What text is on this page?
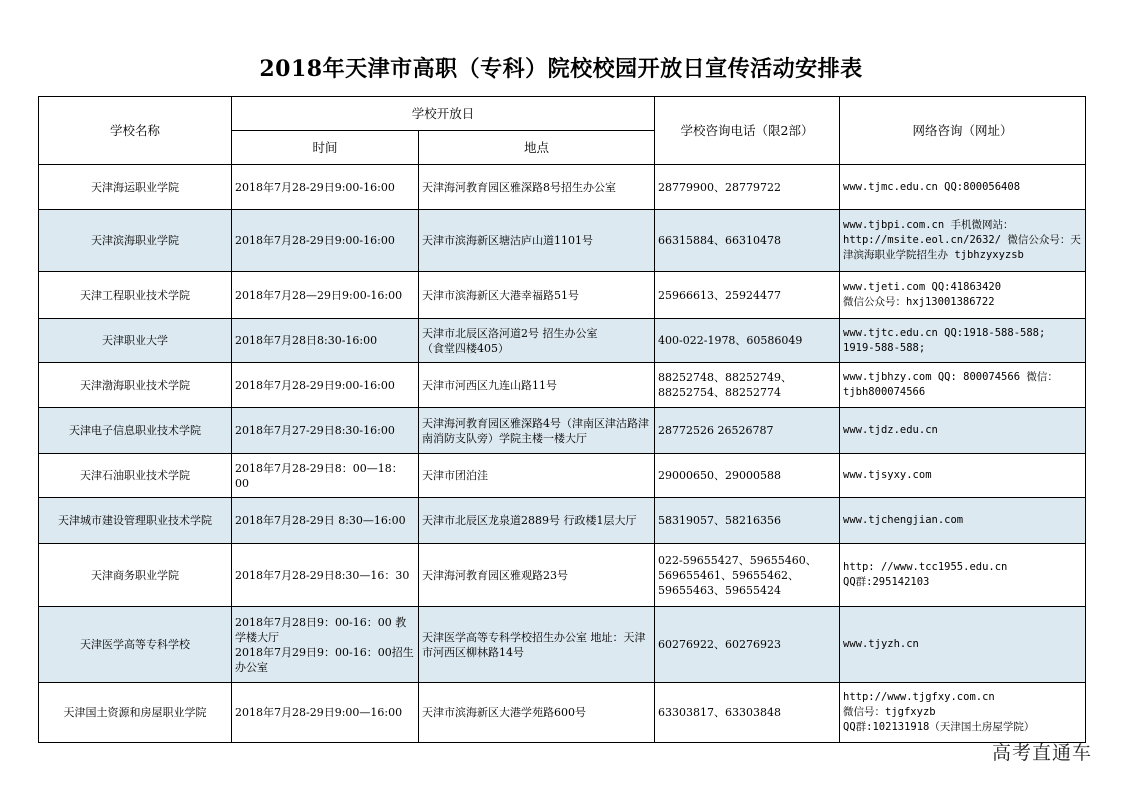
2018年天津市高职（专科）院校校园开放日宣传活动安排表
学校名称	学校开放日		学校咨询电话（限2部）	网络咨询（网址）
	时间	地点		
天津海运职业学院	2018年7月28-29日9:00-16:00	天津海河教育园区雅深路8号招生办公室	28779900、28779722	www.tjmc.edu.cn QQ:800056408
天津滨海职业学院	2018年7月28-29日9:00-16:00	天津市滨海新区塘沽庐山道1101号	66315884、66310478	www.tjbpi.com.cn 手机微网站：
http://msite.eol.cn/2632/ 微信公众号：天津滨海职业学院招生办 tjbhzyxyzsb
天津工程职业技术学院	2018年7月28—29日9:00-16:00	天津市滨海新区大港幸福路51号	25966613、25924477	www.tjeti.com QQ:41863420
微信公众号：hxj13001386722
天津职业大学	2018年7月28日8:30-16:00	天津市北辰区洛河道2号 招生办公室
（食堂四楼405）	400-022-1978、60586049	www.tjtc.edu.cn QQ:1918-588-588; 1919-588-588;
天津渤海职业技术学院	2018年7月28-29日9:00-16:00	天津市河西区九连山路11号	88252748、88252749、88252754、88252774	www.tjbhzy.com QQ: 800074566 微信：tjbh800074566
天津电子信息职业技术学院	2018年7月27-29日8:30-16:00	天津海河教育园区雅深路4号（津南区津沽路津南消防支队旁）学院主楼一楼大厅	28772526 26526787	www.tjdz.edu.cn
天津石油职业技术学院	2018年7月28-29日8：00—18：00	天津市团泊洼	29000650、29000588	www.tjsyxy.com
天津城市建设管理职业技术学院	2018年7月28-29日 8:30—16:00	天津市北辰区龙泉道2889号 行政楼1层大厅	58319057、58216356	www.tjchengjian.com
天津商务职业学院	2018年7月28-29日8:30—16：30	天津海河教育园区雅观路23号	022-59655427、59655460、569655461、59655462、59655463、59655424	http: //www.tcc1955.edu.cn
QQ群:295142103
天津医学高等专科学校	2018年7月28日9：00-16：00 教学楼大厅
2018年7月29日9：00-16：00招生办公室	天津医学高等专科学校招生办公室 地址：天津市河西区柳林路14号	60276922、60276923	www.tjyzh.cn
天津国土资源和房屋职业学院	2018年7月28-29日9:00—16:00	天津市滨海新区大港学苑路600号	63303817、63303848	http://www.tjgfxy.com.cn
微信号：tjgfxyzb
QQ群:102131918（天津国土房屋学院）
高考直通车
